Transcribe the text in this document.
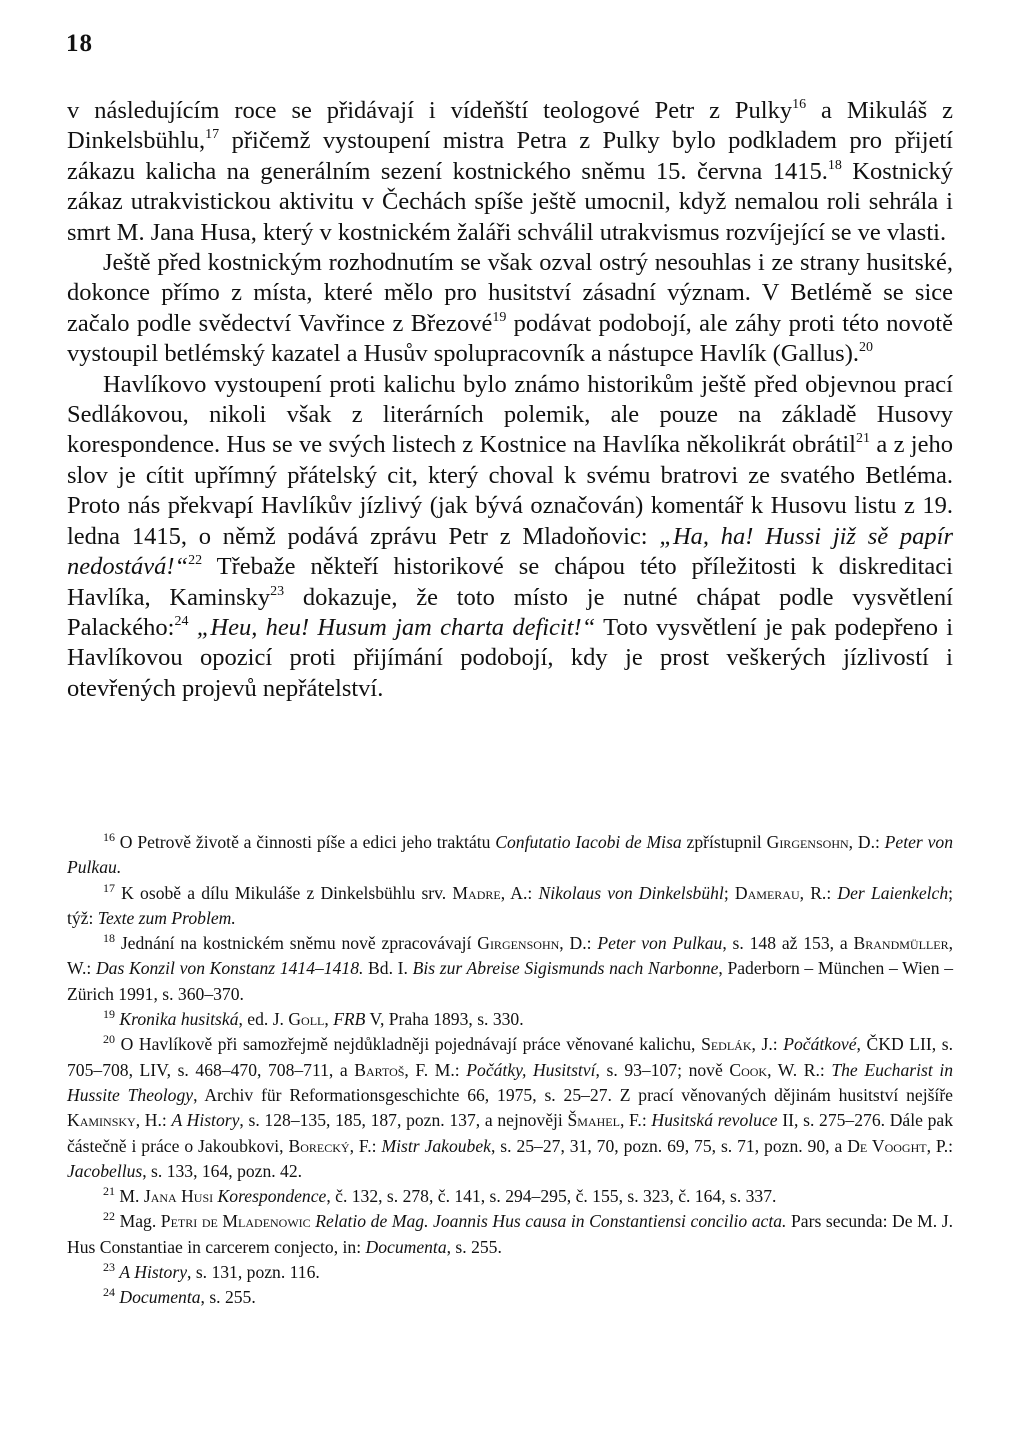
18

v následujícím roce se přidávají i vídeňští teologové Petr z Pulky$^{16}$ a Mikuláš z Dinkelsbühlu,$^{17}$ přičemž vystoupení mistra Petra z Pulky bylo podkladem pro přijetí zákazu kalicha na generálním sezení kostnického sněmu 15. června 1415.18 Kostnický zákaz utrakvistickou aktivitu v Čechách spíše ještě umocnil, když nemalou roli sehrála i smrt M. Jana Husa, který v kostnickém žaláři schválil utrakvismus rozvíjející se ve vlasti.

Ještě před kostnickým rozhodnutím se však ozval ostrý nesouhlas i ze strany husitské, dokonce přímo z místa, které mělo pro husitství zásadní význam. V Betlémě se sice začalo podle svědectví Vavřince z Březové$^{19}$ podávat podobojí, ale záhy proti této novotě vystoupil betlémský kazatel a Husův spolupracovník a nástupce Havlík (Gallus).$^{20}$

Havlíkovo vystoupení proti kalichu bylo známo historikům ještě před objevnou prací Sedlákovou, nikoli však z literárních polemik, ale pouze na základě Husovy korespondence. Hus se ve svých listech z Kostnice na Havlíka několikrát obrátil$^{21}$ a z jeho slov je cítit upřímný přátelský cit, který choval k svému bratrovi ze svatého Betléma. Proto nás překvapí Havlíkův jízlivý (jak bývá označován) komentář k Husovu listu z 19. ledna 1415, o němž podává zprávu Petr z Mladoňovic: „Ha, ha! Hussi již sě papír nedostává!“$^{22}$ Třebaže někteří historikové se chápou této příležitosti k diskreditaci Havlíka, Kaminsky$^{23}$ dokazuje, že toto místo je nutné chápat podle vysvětlení Palackého:$^{24}$ „Heu, heu! Husum jam charta deficit!“ Toto vysvětlení je pak podepřeno i Havlíkovou opozicí proti přijímání podobojí, kdy je prost veškerých jízlivostí i otevřených projevů nepřátelství.

$^{16}$ O Petrově životě a činnosti píše a edici jeho traktátu Confutatio Iacobi de Misa zpřístupnil Girgensohn, D.: Peter von Pulkau.
$^{17}$ K osobě a dílu Mikuláše z Dinkelsbühlu srv. Madre, A.: Nikolaus von Dinkelsbühl; Damerau, R.: Der Laienkelch; týž: Texte zum Problem.
$^{18}$ Jednání na kostnickém sněmu nově zpracovávají Girgensohn, D.: Peter von Pulkau, s. 148 až 153, a Brandmüller, W.: Das Konzil von Konstanz 1414–1418. Bd. I. Bis zur Abreise Sigismunds nach Narbonne, Paderborn – München – Wien – Zürich 1991, s. 360–370.
$^{19}$ Kronika husitská, ed. J. Goll, FRB V, Praha 1893, s. 330.
$^{20}$ O Havlíkově při samozřejmě nejdůkladněji pojednávají práce věnované kalichu, Sedlák, J.: Počátkové, ČKD LII, s. 705–708, LIV, s. 468–470, 708–711, a Bartoš, F. M.: Počátky, Husitství, s. 93–107; nově Cook, W. R.: The Eucharist in Hussite Theology, Archiv für Reformationsgeschichte 66, 1975, s. 25–27. Z prací věnovaných dějinám husitství nejšíře Kaminsky, H.: A History, s. 128–135, 185, 187, pozn. 137, a nejnověji Šmahel, F.: Husitská revoluce II, s. 275–276. Dále pak částečně i práce o Jakoubkovi, Borecký, F.: Mistr Jakoubek, s. 25–27, 31, 70, pozn. 69, 75, s. 71, pozn. 90, a De Vooght, P.: Jacobellus, s. 133, 164, pozn. 42.
$^{21}$ M. Jana Husi Korespondence, č. 132, s. 278, č. 141, s. 294–295, č. 155, s. 323, č. 164, s. 337.
$^{22}$ Mag. Petri de Mladenowic Relatio de Mag. Joannis Hus causa in Constantiensi concilio acta. Pars secunda: De M. J. Hus Constantiae in carcerem conjecto, in: Documenta, s. 255.
$^{23}$ A History, s. 131, pozn. 116.
$^{24}$ Documenta, s. 255.
